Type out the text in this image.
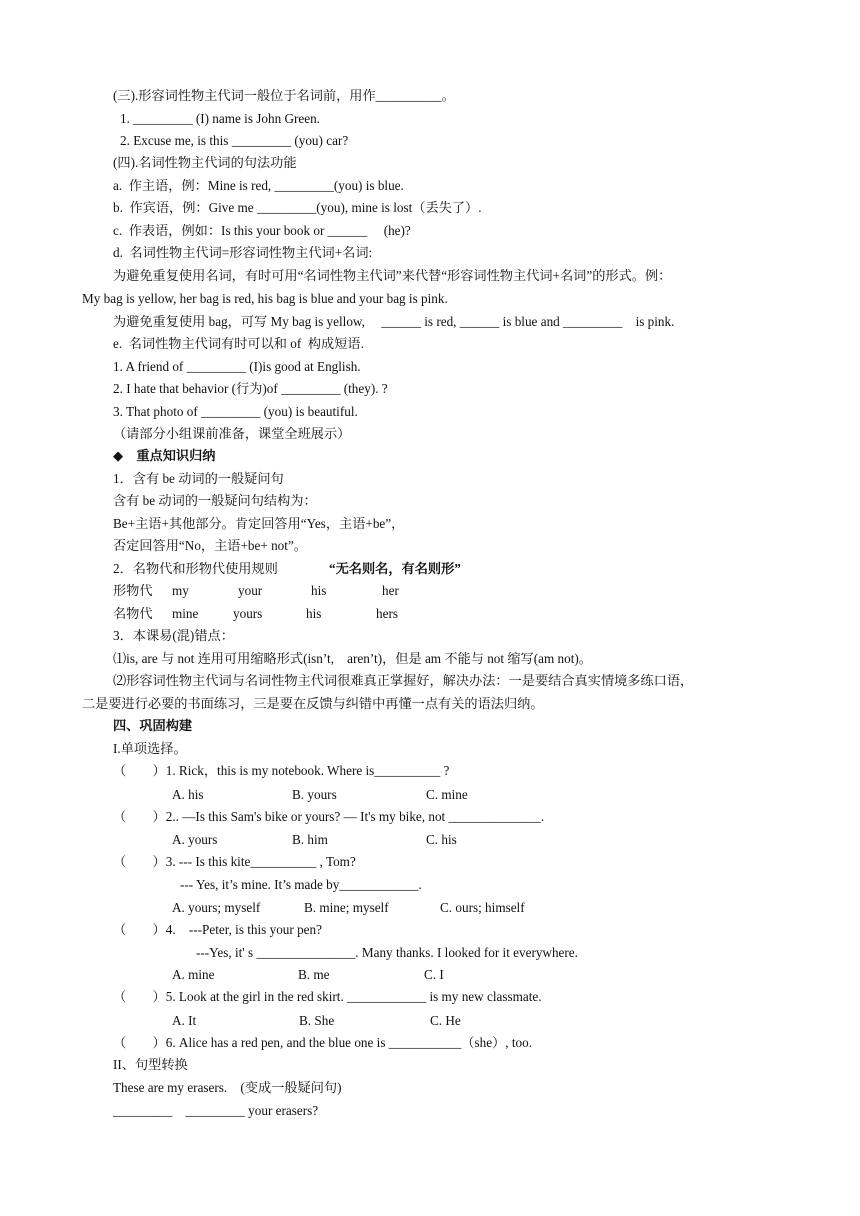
(三).形容词性物主代词一般位于名词前，用作__________。
1. _________ (I) name is John Green.
2. Excuse me, is this _________ (you) car?
(四).名词性物主代词的句法功能
a.  作主语，例：Mine is red, _________(you) is blue.
b.  作宾语，例：Give me _________(you), mine is lost（丢失了）.
c.  作表语，例如：Is this your book or ______     (he)?
d.  名词性物主代词=形容词性物主代词+名词:
为避免重复使用名词，有时可用“名词性物主代词”来代替“形容词性物主代词+名词”的形式。例：
My bag is yellow, her bag is red, his bag is blue and your bag is pink.
为避免重复使用 bag，可写 My bag is yellow,     ______ is red, ______ is blue and _________    is pink.
e.  名词性物主代词有时可以和 of  构成短语.
1. A friend of _________ (I)is good at English.
2. I hate that behavior (行为)of _________ (they). ?
3. That photo of _________ (you) is beautiful.
（请部分小组课前准备，课堂全班展示）
◆    重点知识归纳
1．含有 be 动词的一般疑问句
含有 be 动词的一般疑问句结构为：
Be+主语+其他部分。肯定回答用“Yes，主语+be”，
否定回答用“No，主语+be+ not”。
2．名物代和形物代使用规则	“无名则名，有名则形”
形物代 my	your	his	her
名物代 mine	yours	his	hers
3．本课易(混)错点：
⑴is, are 与 not 连用可用缩略形式(isn’t,    aren’t)，但是 am 不能与 not 缩写(am not)。
⑵形容词性物主代词与名词性物主代词很难真正掌握好，解决办法：一是要结合真实情境多练口语，
二是要进行必要的书面练习，三是要在反馈与纠错中再懂一点有关的语法归纳。
四、巩固构建
I.单项选择。
（        ）1. Rick，this is my notebook. Where is__________ ?
A. his	B. yours	C. mine
（        ）2.. —Is this Sam's bike or yours? — It's my bike, not ______________.
A. yours	B. him	C. his
（        ）3. --- Is this kite__________ , Tom?
--- Yes, it’s mine. It’s made by____________.
A. yours; myself	B. mine; myself	C. ours; himself
（        ）4.    ---Peter, is this your pen?
---Yes, it' s _______________. Many thanks. I looked for it everywhere.
A. mine	B. me	C. I
（        ）5. Look at the girl in the red skirt. ____________ is my new classmate.
A. It	B. She	C. He
（        ）6. Alice has a red pen, and the blue one is ___________（she）, too.
II、句型转换
These are my erasers.    (变成一般疑问句)
_________    _________ your erasers?
